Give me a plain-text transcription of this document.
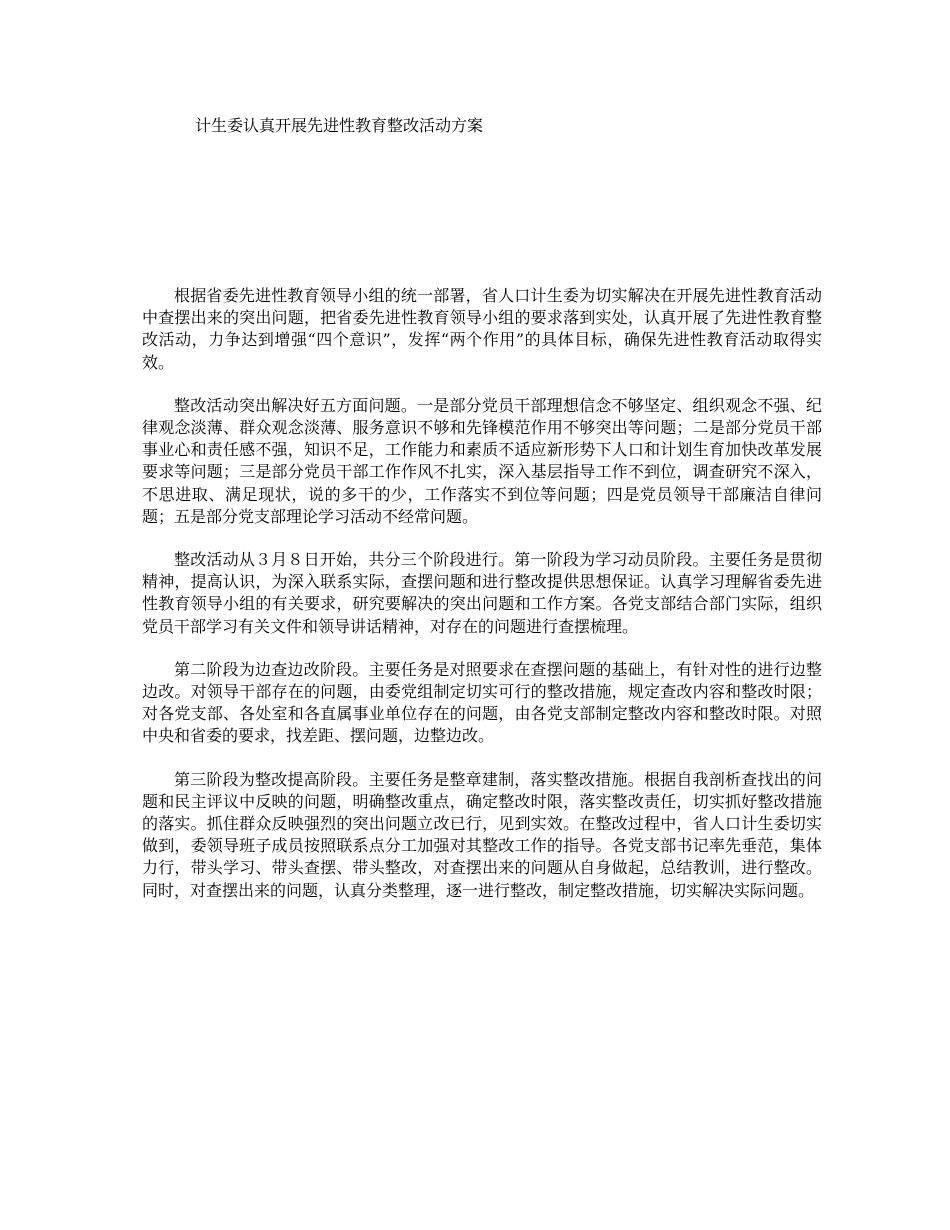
计生委认真开展先进性教育整改活动方案

根据省委先进性教育领导小组的统一部署，省人口计生委为切实解决在开展先进性教育活动中查摆出来的突出问题，把省委先进性教育领导小组的要求落到实处，认真开展了先进性教育整改活动，力争达到增强“四个意识”，发挥“两个作用”的具体目标，确保先进性教育活动取得实效。

整改活动突出解决好五方面问题。一是部分党员干部理想信念不够坚定、组织观念不强、纪律观念淡薄、群众观念淡薄、服务意识不够和先锋模范作用不够突出等问题；二是部分党员干部事业心和责任感不强，知识不足，工作能力和素质不适应新形势下人口和计划生育加快改革发展要求等问题；三是部分党员干部工作作风不扎实，深入基层指导工作不到位，调查研究不深入，不思进取、满足现状，说的多干的少，工作落实不到位等问题；四是党员领导干部廉洁自律问题；五是部分党支部理论学习活动不经常问题。

整改活动从３月８日开始，共分三个阶段进行。第一阶段为学习动员阶段。主要任务是贯彻精神，提高认识，为深入联系实际，查摆问题和进行整改提供思想保证。认真学习理解省委先进性教育领导小组的有关要求，研究要解决的突出问题和工作方案。各党支部结合部门实际，组织党员干部学习有关文件和领导讲话精神，对存在的问题进行查摆梳理。

第二阶段为边查边改阶段。主要任务是对照要求在查摆问题的基础上，有针对性的进行边整边改。对领导干部存在的问题，由委党组制定切实可行的整改措施，规定查改内容和整改时限；对各党支部、各处室和各直属事业单位存在的问题，由各党支部制定整改内容和整改时限。对照中央和省委的要求，找差距、摆问题，边整边改。

第三阶段为整改提高阶段。主要任务是整章建制，落实整改措施。根据自我剖析查找出的问题和民主评议中反映的问题，明确整改重点，确定整改时限，落实整改责任，切实抓好整改措施的落实。抓住群众反映强烈的突出问题立改已行，见到实效。在整改过程中，省人口计生委切实做到，委领导班子成员按照联系点分工加强对其整改工作的指导。各党支部书记率先垂范，集体力行，带头学习、带头查摆、带头整改，对查摆出来的问题从自身做起，总结教训，进行整改。同时，对查摆出来的问题，认真分类整理，逐一进行整改，制定整改措施，切实解决实际问题。
